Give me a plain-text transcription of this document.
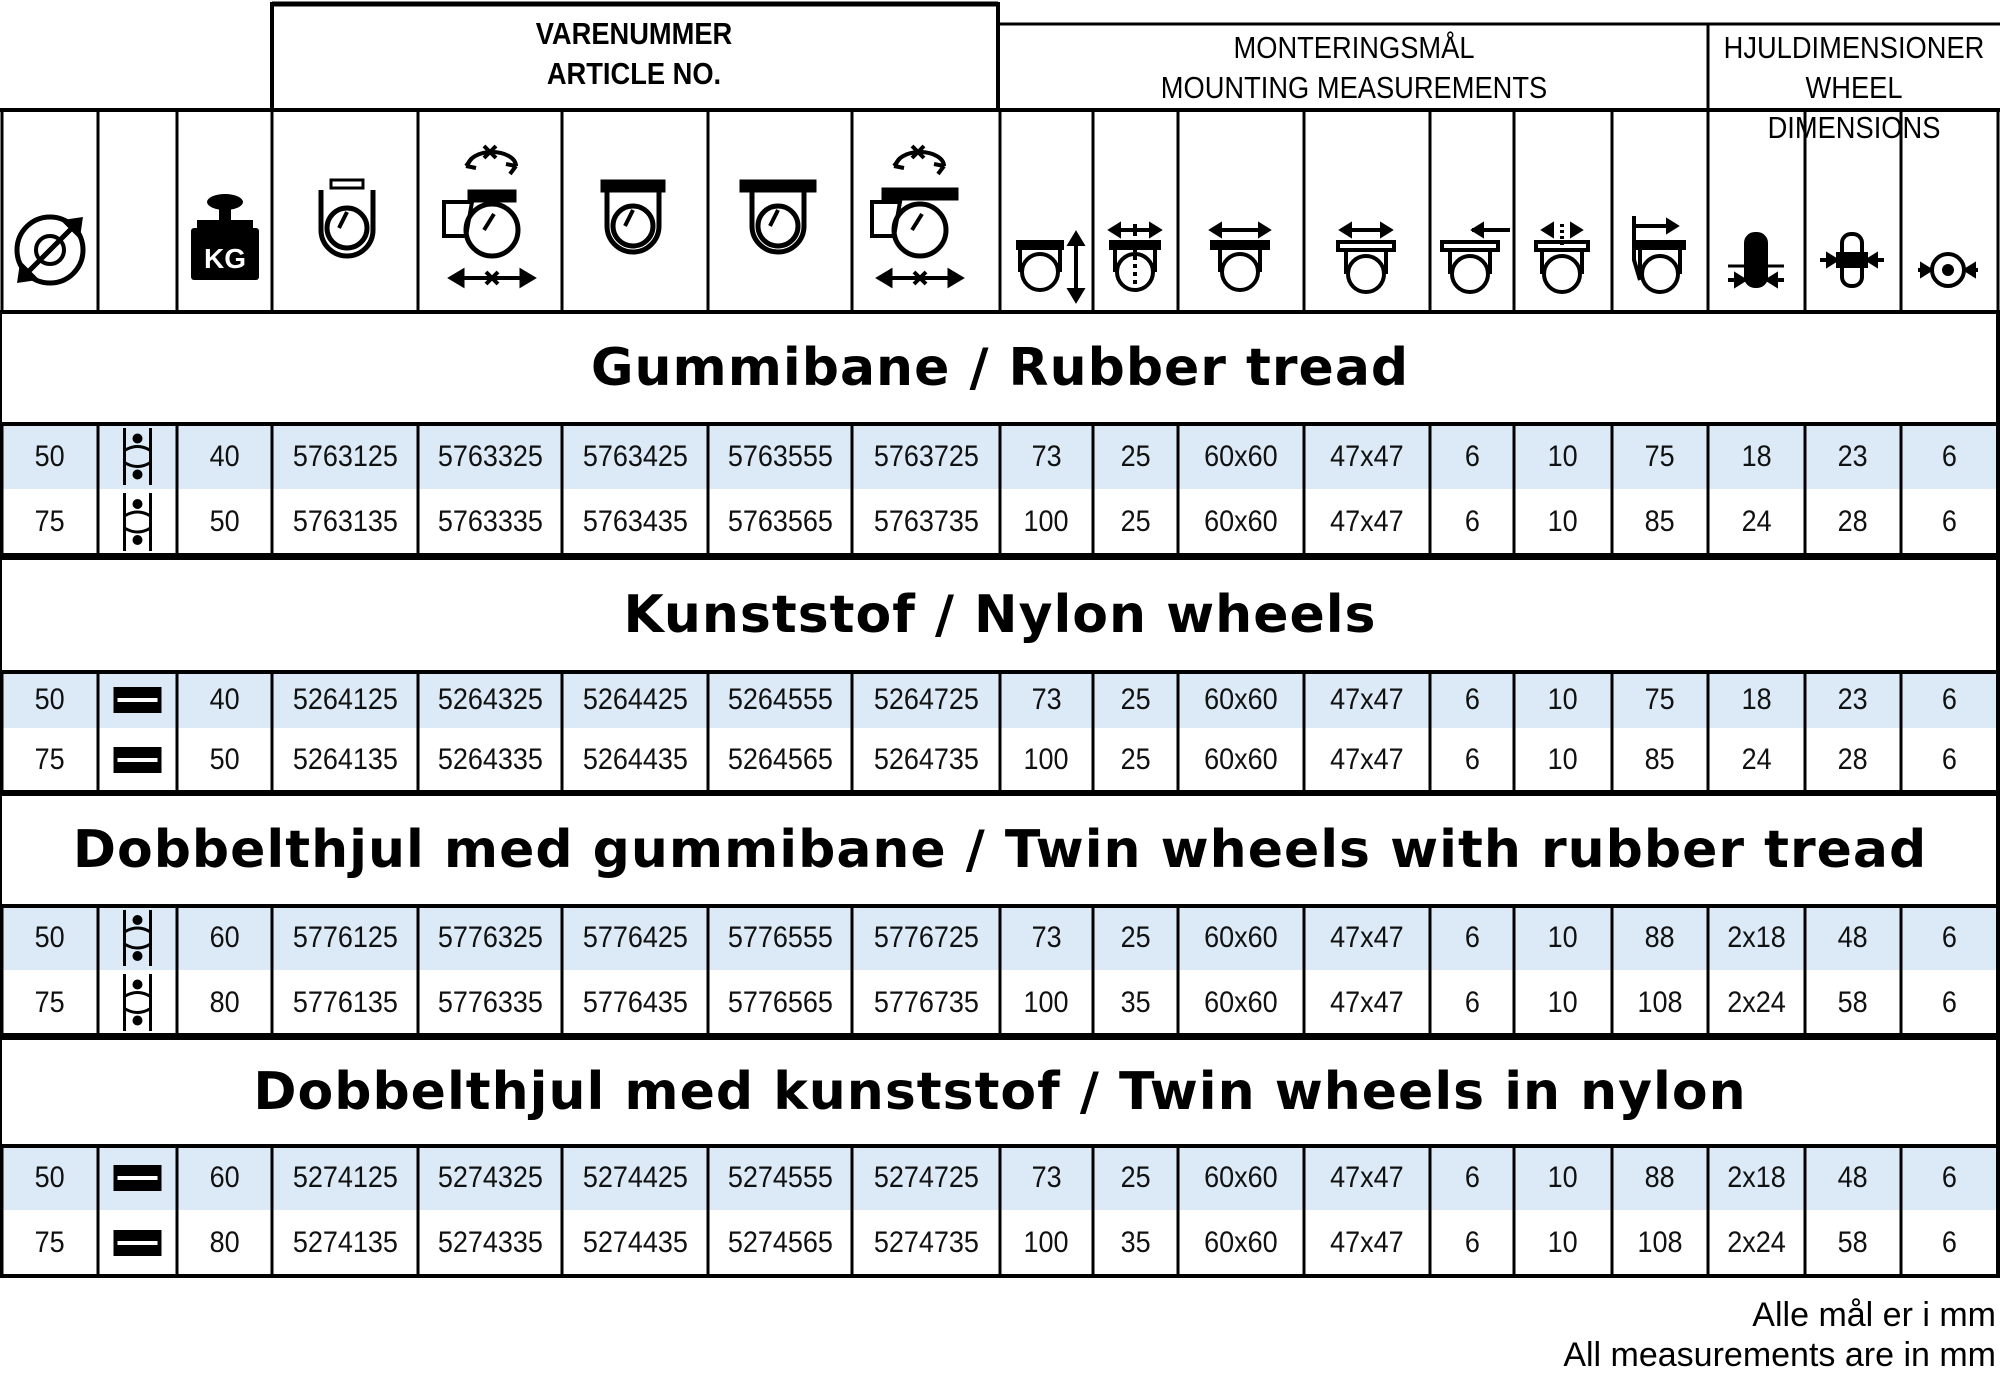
VARENUMMER
ARTICLE NO.
MONTERINGSMÅL
MOUNTING MEASUREMENTS
HJULDIMENSIONER
WHEEL DIMENSIONS
KG
Gummibane / Rubber tread
50	40 5763125 5763325 5763425 5763555 5763725 73 25 60x60 47x47 6 10 75 18 23 6
75	50 5763135 5763335 5763435 5763565 5763735 100 25 60x60 47x47 6 10 85 24 28 6
Kunststof / Nylon wheels
50	40 5264125 5264325 5264425 5264555 5264725 73 25 60x60 47x47 6 10 75 18 23 6
75	50 5264135 5264335 5264435 5264565 5264735 100 25 60x60 47x47 6 10 85 24 28 6
Dobbelthjul med gummibane / Twin wheels with rubber tread
50	60 5776125 5776325 5776425 5776555 5776725 73 25 60x60 47x47 6 10 88 2x18 48 6
75	80 5776135 5776335 5776435 5776565 5776735 100 35 60x60 47x47 6 10 108 2x24 58 6
Dobbelthjul med kunststof / Twin wheels in nylon
50	60 5274125 5274325 5274425 5274555 5274725 73 25 60x60 47x47 6 10 88 2x18 48 6
75	80 5274135 5274335 5274435 5274565 5274735 100 35 60x60 47x47 6 10 108 2x24 58 6
Alle mål er i mm
All measurements are in mm
